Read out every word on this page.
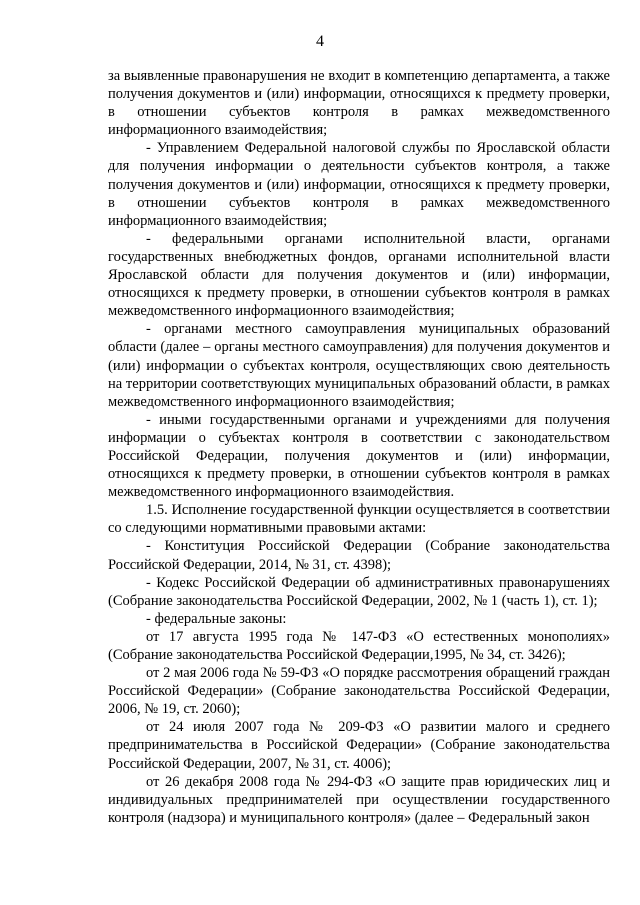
4

за выявленные правонарушения не входит в компетенцию департамента, а также получения документов и (или) информации, относящихся к предмету проверки, в отношении субъектов контроля в рамках межведомственного информационного взаимодействия;

- Управлением Федеральной налоговой службы по Ярославской области для получения информации о деятельности субъектов контроля, а также получения документов и (или) информации, относящихся к предмету проверки, в отношении субъектов контроля в рамках межведомственного информационного взаимодействия;

- федеральными органами исполнительной власти, органами государственных внебюджетных фондов, органами исполнительной власти Ярославской области для получения документов и (или) информации, относящихся к предмету проверки, в отношении субъектов контроля в рамках межведомственного информационного взаимодействия;

- органами местного самоуправления муниципальных образований области (далее – органы местного самоуправления) для получения документов и (или) информации о субъектах контроля, осуществляющих свою деятельность на территории соответствующих муниципальных образований области, в рамках межведомственного информационного взаимодействия;

- иными государственными органами и учреждениями для получения информации о субъектах контроля в соответствии с законодательством Российской Федерации, получения документов и (или) информации, относящихся к предмету проверки, в отношении субъектов контроля в рамках межведомственного информационного взаимодействия.

1.5. Исполнение государственной функции осуществляется в соответствии со следующими нормативными правовыми актами:

- Конституция Российской Федерации (Собрание законодательства Российской Федерации, 2014, № 31, ст. 4398);

- Кодекс Российской Федерации об административных правонарушениях (Собрание законодательства Российской Федерации, 2002, № 1 (часть 1), ст. 1);

- федеральные законы:

от 17 августа 1995 года № 147-ФЗ «О естественных монополиях» (Собрание законодательства Российской Федерации,1995, № 34, ст. 3426);

от 2 мая 2006 года № 59-ФЗ «О порядке рассмотрения обращений граждан Российской Федерации» (Собрание законодательства Российской Федерации, 2006, № 19, ст. 2060);

от 24 июля 2007 года № 209-ФЗ «О развитии малого и среднего предпринимательства в Российской Федерации» (Собрание законодательства Российской Федерации, 2007, № 31, ст. 4006);

от 26 декабря 2008 года № 294-ФЗ «О защите прав юридических лиц и индивидуальных предпринимателей при осуществлении государственного контроля (надзора) и муниципального контроля» (далее – Федеральный закон
